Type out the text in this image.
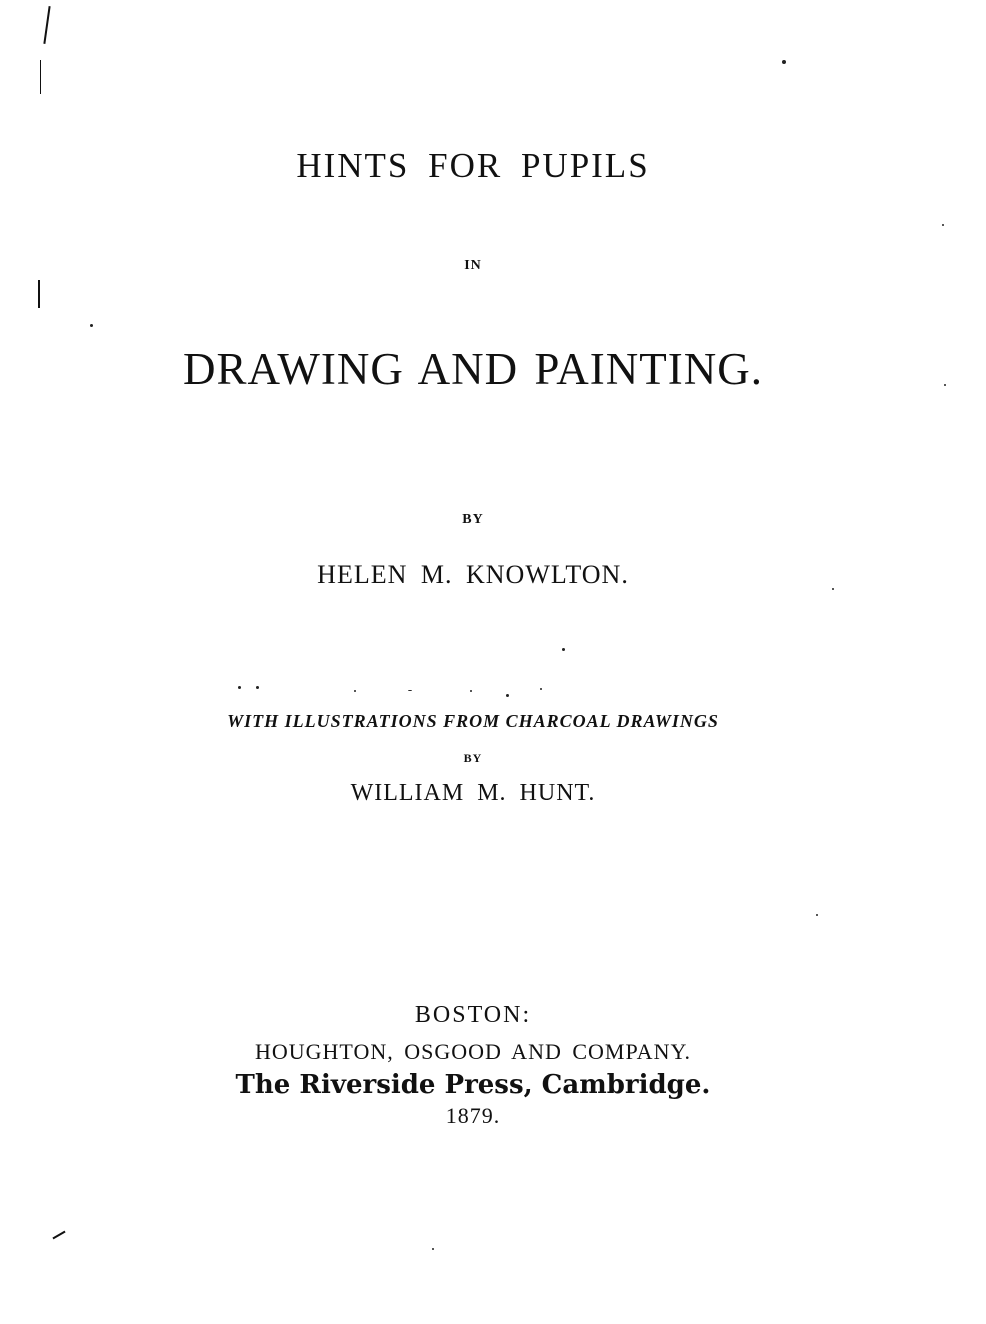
HINTS FOR PUPILS
IN
DRAWING AND PAINTING.
BY
HELEN M. KNOWLTON.
WITH ILLUSTRATIONS FROM CHARCOAL DRAWINGS
BY
WILLIAM M. HUNT.
BOSTON:
HOUGHTON, OSGOOD AND COMPANY.
The Riverside Press, Cambridge.
1879.
